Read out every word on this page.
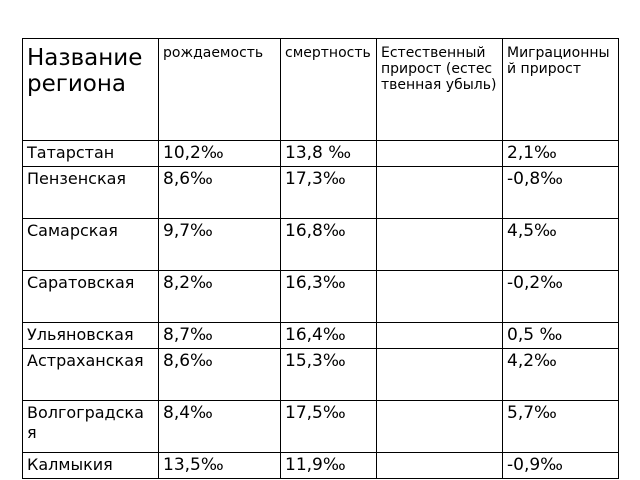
Название региона	рождаемость	смертность	Естественный прирост (естественная убыль)	Миграционный прирост
Татарстан	10,2‰	13,8 ‰		2,1‰
Пензенская	8,6‰	17,3‰		-0,8‰
Самарская	9,7‰	16,8‰		4,5‰
Саратовская	8,2‰	16,3‰		-0,2‰
Ульяновская	8,7‰	16,4‰		0,5 ‰
Астраханская	8,6‰	15,3‰		4,2‰
Волгоградская	8,4‰	17,5‰		5,7‰
Калмыкия	13,5‰	11,9‰		-0,9‰
